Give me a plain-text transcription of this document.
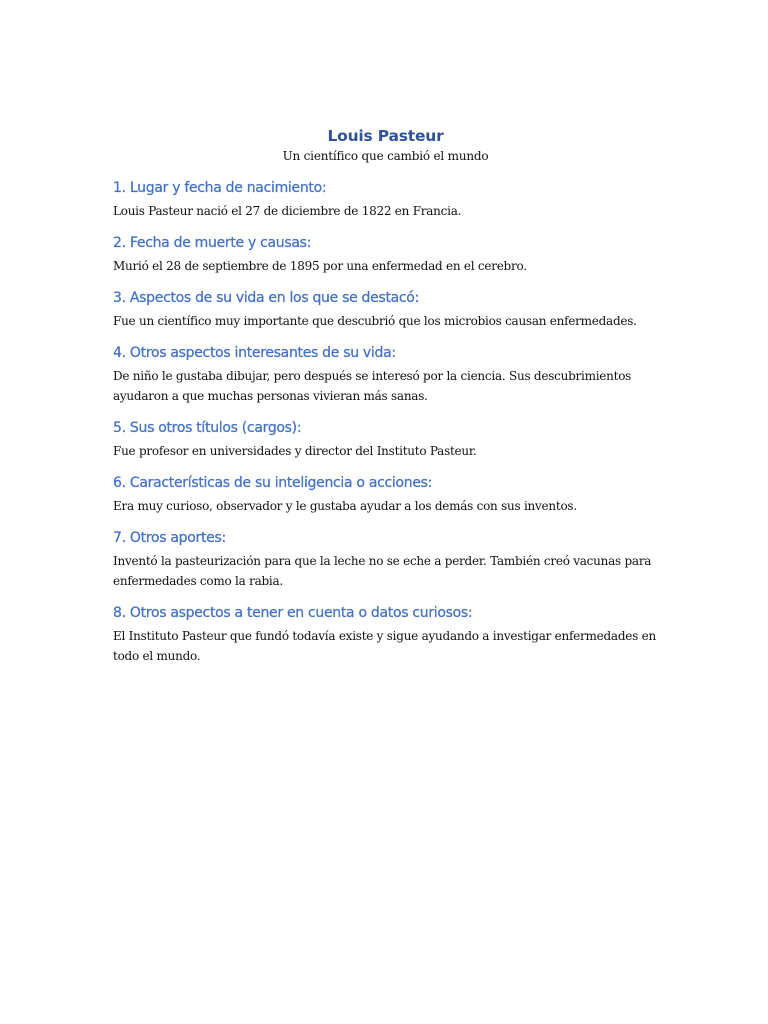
Louis Pasteur

Un científico que cambió el mundo

1. Lugar y fecha de nacimiento:

Louis Pasteur nació el 27 de diciembre de 1822 en Francia.

2. Fecha de muerte y causas:

Murió el 28 de septiembre de 1895 por una enfermedad en el cerebro.

3. Aspectos de su vida en los que se destacó:

Fue un científico muy importante que descubrió que los microbios causan enfermedades.

4. Otros aspectos interesantes de su vida:

De niño le gustaba dibujar, pero después se interesó por la ciencia. Sus descubrimientos ayudaron a que muchas personas vivieran más sanas.

5. Sus otros títulos (cargos):

Fue profesor en universidades y director del Instituto Pasteur.

6. Características de su inteligencia o acciones:

Era muy curioso, observador y le gustaba ayudar a los demás con sus inventos.

7. Otros aportes:

Inventó la pasteurización para que la leche no se eche a perder. También creó vacunas para enfermedades como la rabia.

8. Otros aspectos a tener en cuenta o datos curiosos:

El Instituto Pasteur que fundó todavía existe y sigue ayudando a investigar enfermedades en todo el mundo.
